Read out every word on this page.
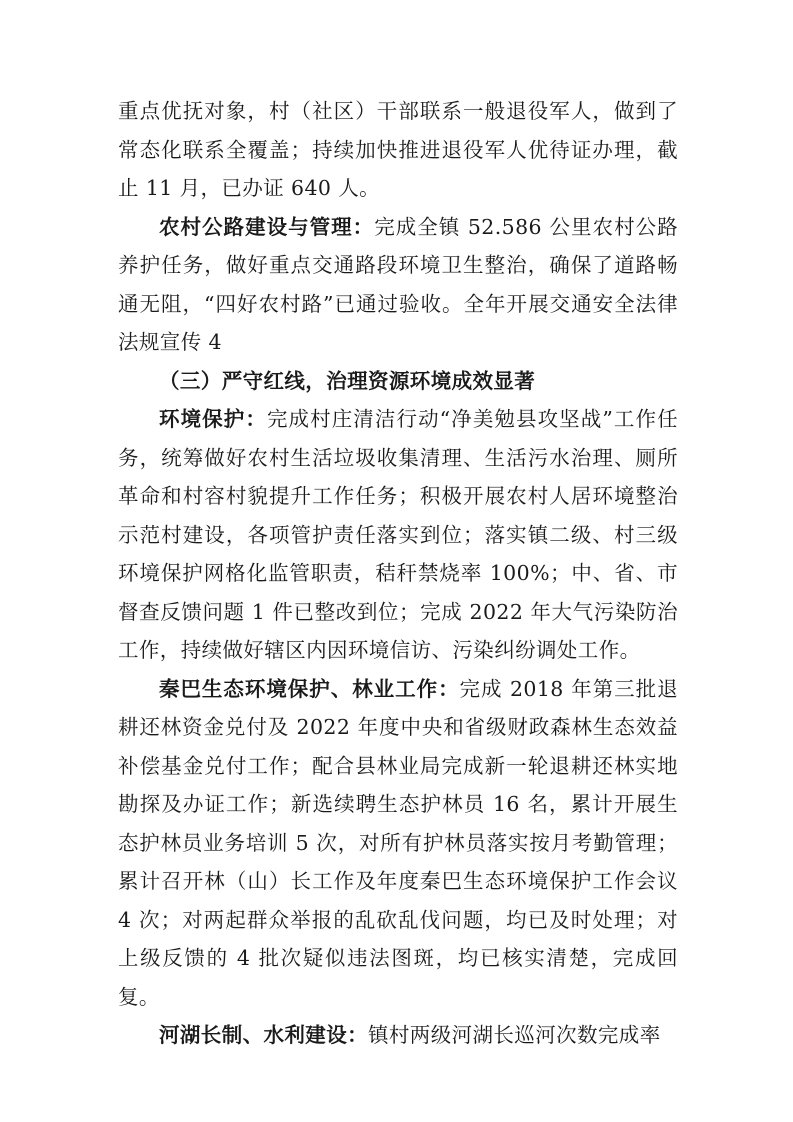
重点优抚对象，村（社区）干部联系一般退役军人，做到了常态化联系全覆盖；持续加快推进退役军人优待证办理，截止 11 月，已办证 640 人。

农村公路建设与管理：完成全镇 52.586 公里农村公路养护任务，做好重点交通路段环境卫生整治，确保了道路畅通无阻，“四好农村路”已通过验收。全年开展交通安全法律法规宣传 4

（三）严守红线，治理资源环境成效显著

环境保护：完成村庄清洁行动“净美勉县攻坚战”工作任务，统筹做好农村生活垃圾收集清理、生活污水治理、厕所革命和村容村貌提升工作任务；积极开展农村人居环境整治示范村建设，各项管护责任落实到位；落实镇二级、村三级环境保护网格化监管职责，秸秆禁烧率 100%；中、省、市督查反馈问题 1 件已整改到位；完成 2022 年大气污染防治工作，持续做好辖区内因环境信访、污染纠纷调处工作。

秦巴生态环境保护、林业工作：完成 2018 年第三批退耕还林资金兑付及 2022 年度中央和省级财政森林生态效益补偿基金兑付工作；配合县林业局完成新一轮退耕还林实地勘探及办证工作；新选续聘生态护林员 16 名，累计开展生态护林员业务培训 5 次，对所有护林员落实按月考勤管理；累计召开林（山）长工作及年度秦巴生态环境保护工作会议 4 次；对两起群众举报的乱砍乱伐问题，均已及时处理；对上级反馈的 4 批次疑似违法图斑，均已核实清楚，完成回复。

河湖长制、水利建设：镇村两级河湖长巡河次数完成率
